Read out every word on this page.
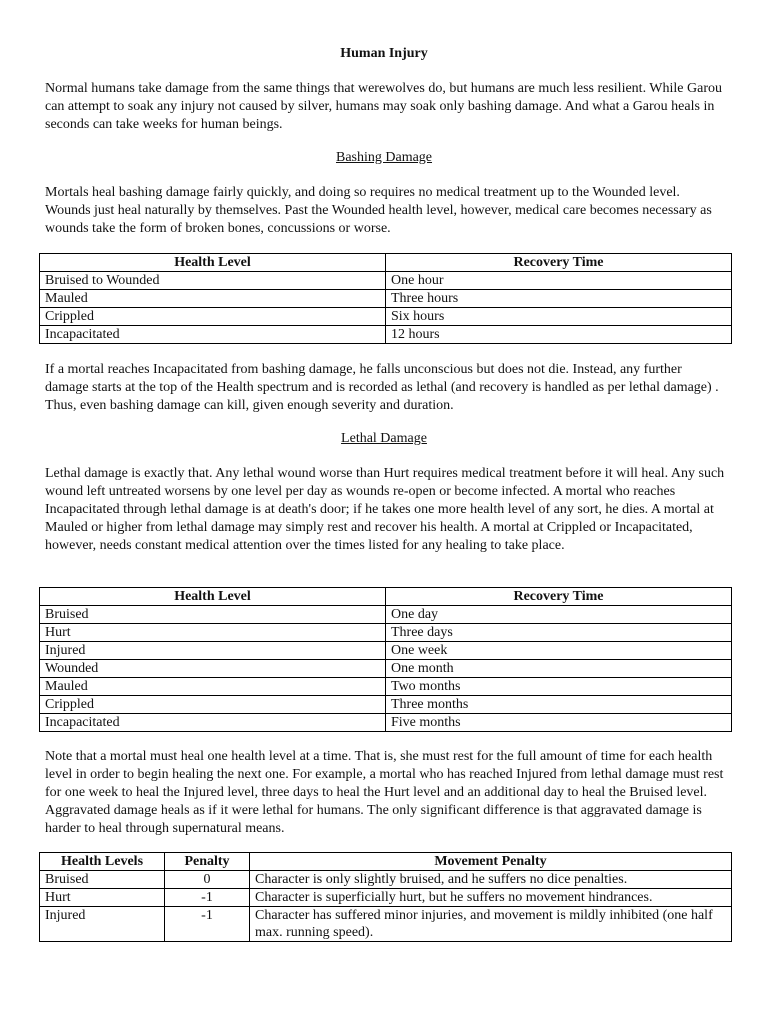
Human Injury

Normal humans take damage from the same things that werewolves do, but humans are much less resilient. While Garou can attempt to soak any injury not caused by silver, humans may soak only bashing damage. And what a Garou heals in seconds can take weeks for human beings.

Bashing Damage

Mortals heal bashing damage fairly quickly, and doing so requires no medical treatment up to the Wounded level. Wounds just heal naturally by themselves. Past the Wounded health level, however, medical care becomes necessary as wounds take the form of broken bones, concussions or worse.

Health Level	Recovery Time
Bruised to Wounded	One hour
Mauled	Three hours
Crippled	Six hours
Incapacitated	12 hours

If a mortal reaches Incapacitated from bashing damage, he falls unconscious but does not die. Instead, any further damage starts at the top of the Health spectrum and is recorded as lethal (and recovery is handled as per lethal damage) . Thus, even bashing damage can kill, given enough severity and duration.

Lethal Damage

Lethal damage is exactly that. Any lethal wound worse than Hurt requires medical treatment before it will heal. Any such wound left untreated worsens by one level per day as wounds re-open or become infected. A mortal who reaches Incapacitated through lethal damage is at death's door; if he takes one more health level of any sort, he dies. A mortal at Mauled or higher from lethal damage may simply rest and recover his health. A mortal at Crippled or Incapacitated, however, needs constant medical attention over the times listed for any healing to take place.

Health Level	Recovery Time
Bruised	One day
Hurt	Three days
Injured	One week
Wounded	One month
Mauled	Two months
Crippled	Three months
Incapacitated	Five months

Note that a mortal must heal one health level at a time. That is, she must rest for the full amount of time for each health level in order to begin healing the next one. For example, a mortal who has reached Injured from lethal damage must rest for one week to heal the Injured level, three days to heal the Hurt level and an additional day to heal the Bruised level. Aggravated damage heals as if it were lethal for humans. The only significant difference is that aggravated damage is harder to heal through supernatural means.

Health Levels	Penalty	Movement Penalty
Bruised	0	Character is only slightly bruised, and he suffers no dice penalties.
Hurt	-1	Character is superficially hurt, but he suffers no movement hindrances.
Injured	-1	Character has suffered minor injuries, and movement is mildly inhibited (one half max. running speed).
